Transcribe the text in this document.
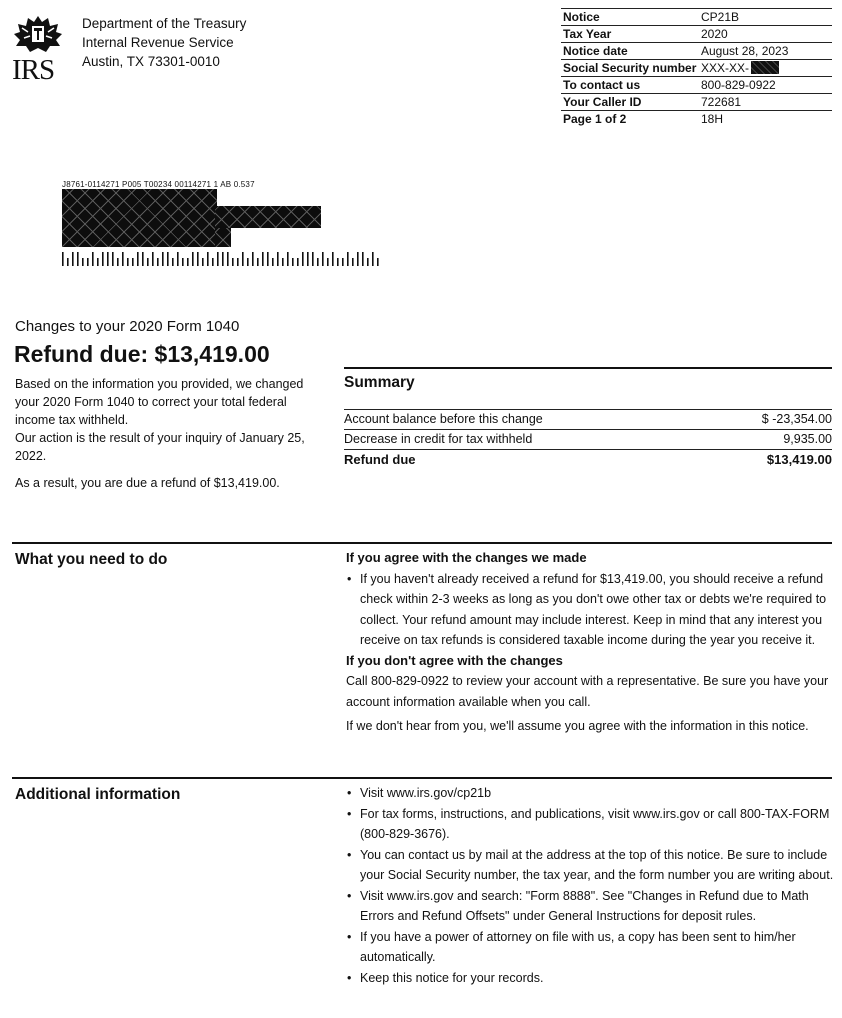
IRS
Department of the Treasury
Internal Revenue Service
Austin, TX 73301-0010
Notice	CP21B
Tax Year	2020
Notice date	August 28, 2023
Social Security number	XXX-XX-
To contact us	800-829-0922
Your Caller ID	722681
Page 1 of 2	18H
J8761-0114271 P005 T00234 00114271 1 AB 0.537
Changes to your 2020 Form 1040
Refund due: $13,419.00
Based on the information you provided, we changed your 2020 Form 1040 to correct your total federal income tax withheld.
Our action is the result of your inquiry of January 25, 2022.
As a result, you are due a refund of $13,419.00.
Summary
Account balance before this change	$ -23,354.00
Decrease in credit for tax withheld	9,935.00
Refund due	$13,419.00
What you need to do	If you agree with the changes we made
• If you haven't already received a refund for $13,419.00, you should receive a refund check within 2-3 weeks as long as you don't owe other tax or debts we're required to collect. Your refund amount may include interest. Keep in mind that any interest you receive on tax refunds is considered taxable income during the year you receive it.
If you don't agree with the changes
Call 800-829-0922 to review your account with a representative. Be sure you have your account information available when you call.
If we don't hear from you, we'll assume you agree with the information in this notice.
Additional information	• Visit www.irs.gov/cp21b
• For tax forms, instructions, and publications, visit www.irs.gov or call 800-TAX-FORM (800-829-3676).
• You can contact us by mail at the address at the top of this notice. Be sure to include your Social Security number, the tax year, and the form number you are writing about.
• Visit www.irs.gov and search: "Form 8888". See "Changes in Refund due to Math Errors and Refund Offsets" under General Instructions for deposit rules.
• If you have a power of attorney on file with us, a copy has been sent to him/her automatically.
• Keep this notice for your records.
